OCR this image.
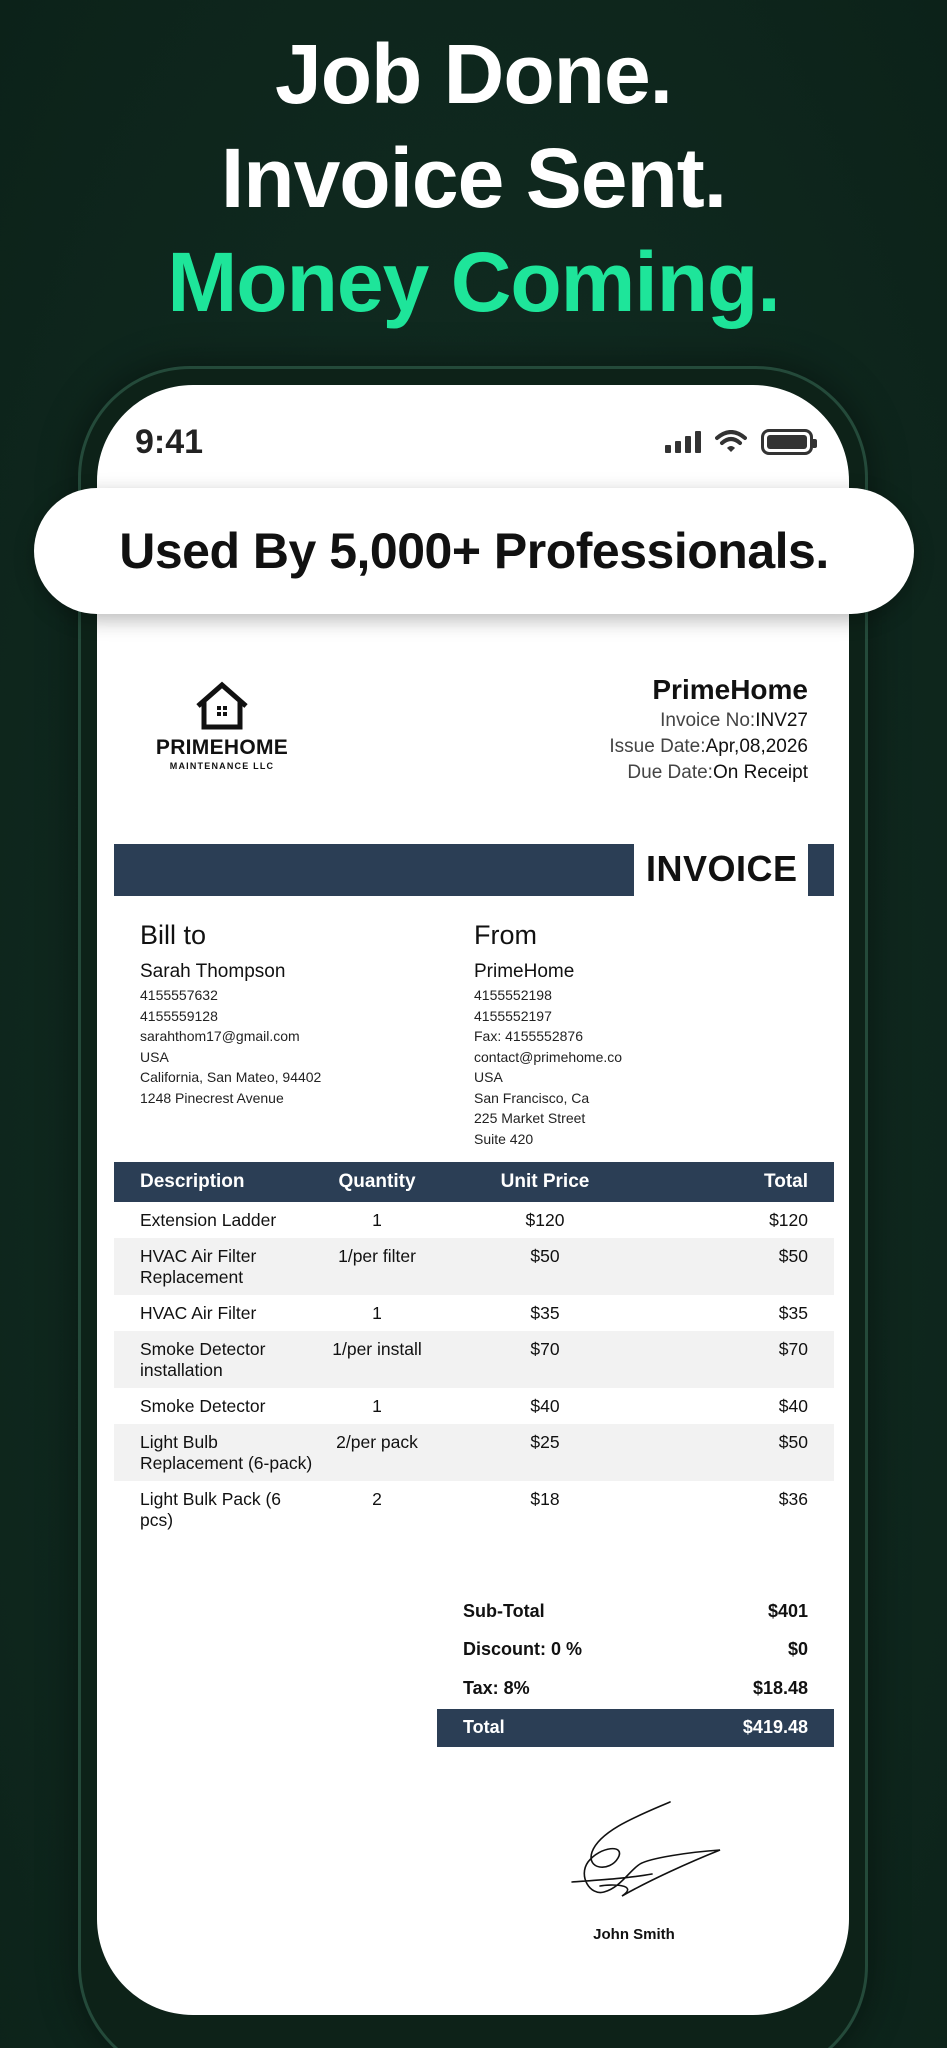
Job Done.
Invoice Sent.
Money Coming.
9:41
PRIMEHOME
MAINTENANCE LLC
PrimeHome
Invoice No:INV27
Issue Date:Apr,08,2026
Due Date:On Receipt
INVOICE
Bill to
Sarah Thompson
4155557632
4155559128
sarahthom17@gmail.com
USA
California, San Mateo, 94402
1248 Pinecrest Avenue
From
PrimeHome
4155552198
4155552197
Fax: 4155552876
contact@primehome.co
USA
San Francisco, Ca
225 Market Street
Suite 420
Description	Quantity	Unit Price	Total
Extension Ladder	1	$120	$120
HVAC Air Filter Replacement	1/per filter	$50	$50
HVAC Air Filter	1	$35	$35
Smoke Detector installation	1/per install	$70	$70
Smoke Detector	1	$40	$40
Light Bulb Replacement (6-pack)	2/per pack	$25	$50
Light Bulk Pack (6 pcs)	2	$18	$36
Sub-Total	$401
Discount: 0 %	$0
Tax: 8%	$18.48
Total	$419.48
John Smith
Used By 5,000+ Professionals.
